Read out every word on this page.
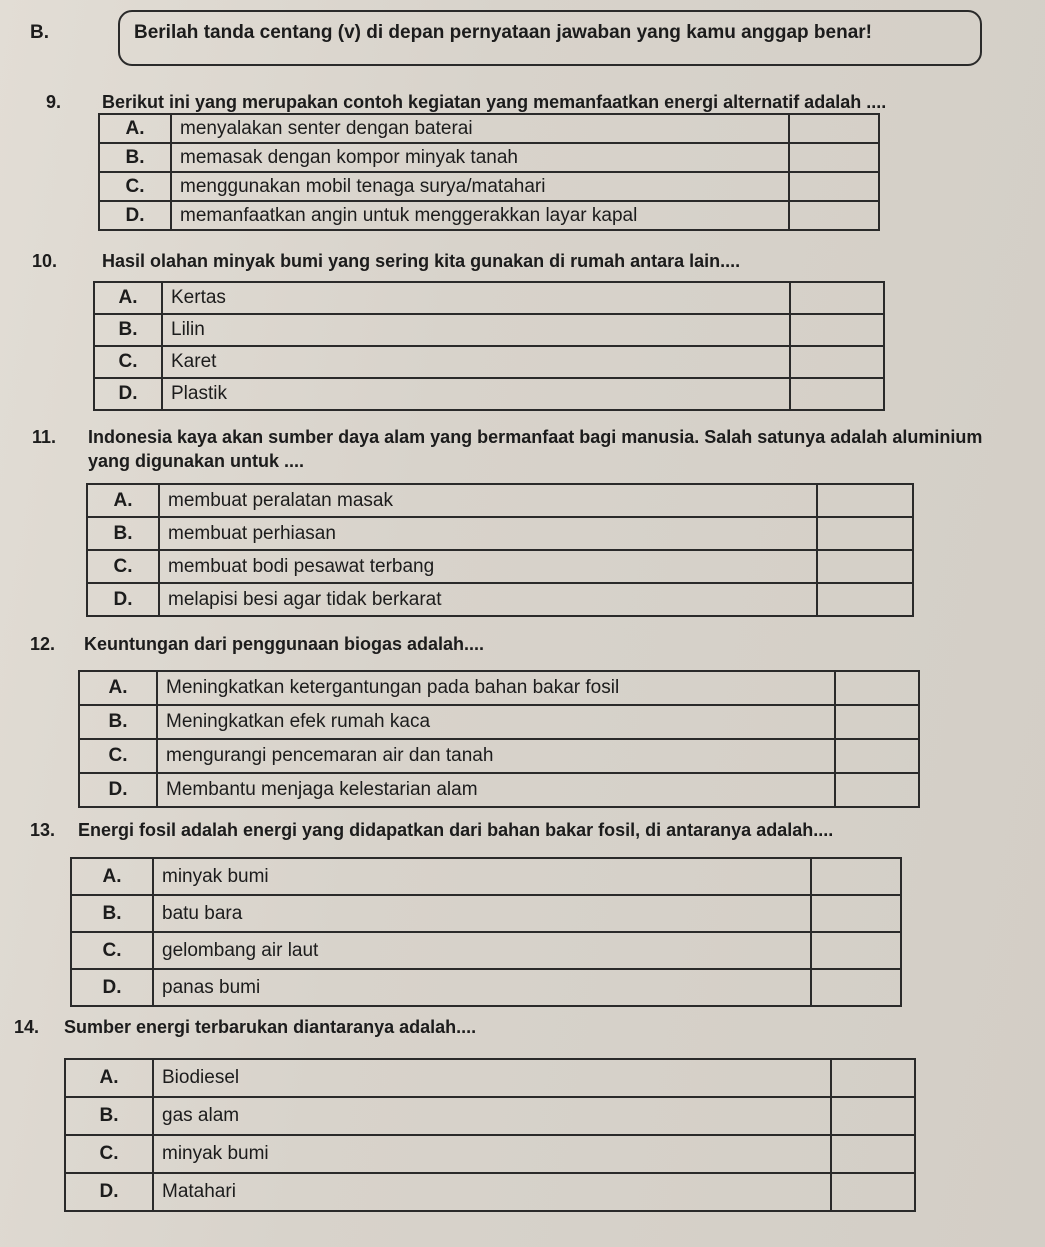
B.	Berilah tanda centang (v) di depan pernyataan jawaban yang kamu anggap benar!
9. Berikut ini yang merupakan contoh kegiatan yang memanfaatkan energi alternatif adalah ....
A.	menyalakan senter dengan baterai	
B.	memasak dengan kompor minyak tanah	
C.	menggunakan mobil tenaga surya/matahari	
D.	memanfaatkan angin untuk menggerakkan layar kapal	
10. Hasil olahan minyak bumi yang sering kita gunakan di rumah antara lain....
A.	Kertas	
B.	Lilin	
C.	Karet	
D.	Plastik	
11. Indonesia kaya akan sumber daya alam yang bermanfaat bagi manusia. Salah satunya adalah aluminium yang digunakan untuk ....
A.	membuat peralatan masak	
B.	membuat perhiasan	
C.	membuat bodi pesawat terbang	
D.	melapisi besi agar tidak berkarat	
12. Keuntungan dari penggunaan biogas adalah....
A.	Meningkatkan ketergantungan pada bahan bakar fosil	
B.	Meningkatkan efek rumah kaca	
C.	mengurangi pencemaran air dan tanah	
D.	Membantu menjaga kelestarian alam	
13. Energi fosil adalah energi yang didapatkan dari bahan bakar fosil, di antaranya adalah....
A.	minyak bumi	
B.	batu bara	
C.	gelombang air laut	
D.	panas bumi	
14. Sumber energi terbarukan diantaranya adalah....
A.	Biodiesel	
B.	gas alam	
C.	minyak bumi	
D.	Matahari	
